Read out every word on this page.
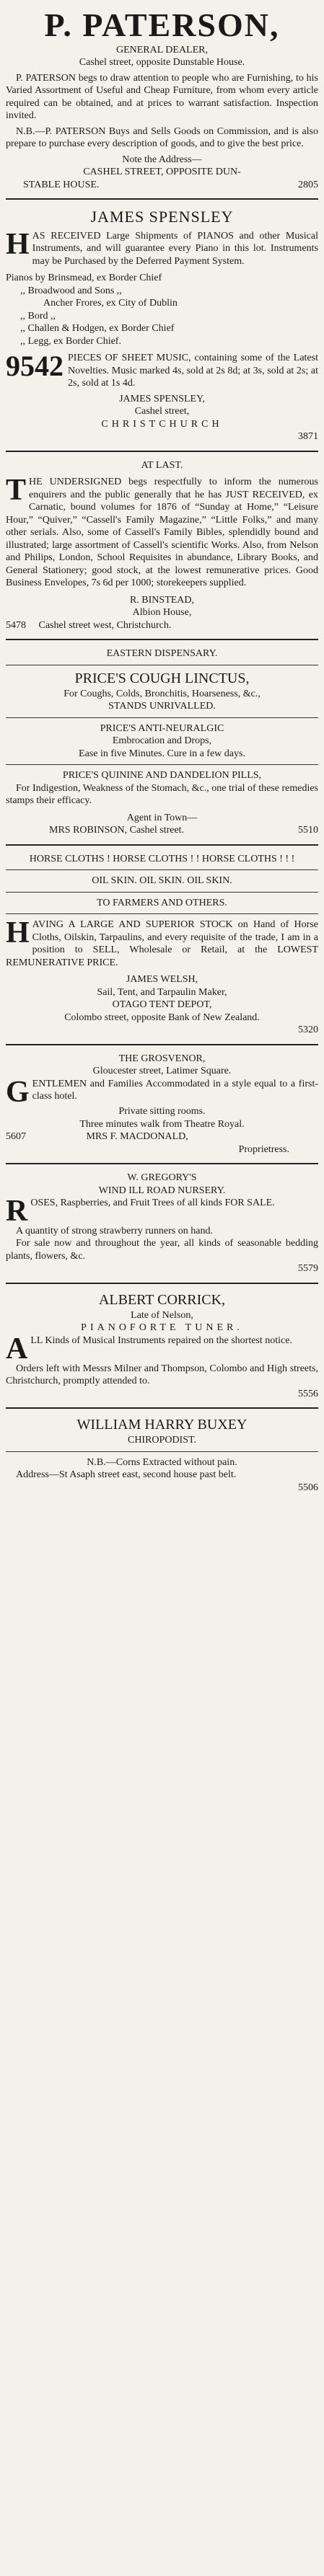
P. PATERSON,

GENERAL DEALER,

Cashel street, opposite Dunstable House.

P. PATERSON begs to draw attention to people who are Furnishing, to his Varied Assortment of Useful and Cheap Furniture, from whom every article required can be obtained, and at prices to warrant satisfaction. Inspection invited.

N.B.—P. PATERSON Buys and Sells Goods on Commission, and is also prepare to purchase every description of goods, and to give the best price.

Note the Address—

CASHEL STREET, OPPOSITE DUN-

STABLE HOUSE.	2805

JAMES SPENSLEY

H AS RECEIVED Large Shipments of PIANOS and other Musical Instruments, and will guarantee every Piano in this lot. Instruments may be Purchased by the Deferred Payment System.

Pianos by Brinsmead, ex Border Chief

,, Broadwood and Sons ,,

Ancher Frores, ex City of Dublin

,, Bord ,,

,, Challen & Hodgen, ex Border Chief

,, Legg, ex Border Chief.

9542 PIECES OF SHEET MUSIC, containing some of the Latest Novelties. Music marked 4s, sold at 2s 8d; at 3s, sold at 2s; at 2s, sold at 1s 4d.

JAMES SPENSLEY,

Cashel street,

CHRISTCHURCH

3871

AT LAST.

T HE UNDERSIGNED begs respectfully to inform the numerous enquirers and the public generally that he has JUST RECEIVED, ex Carnatic, bound volumes for 1876 of “Sunday at Home,” “Leisure Hour,” “Quiver,” “Cassell's Family Magazine,” “Little Folks,” and many other serials. Also, some of Cassell's Family Bibles, splendidly bound and illustrated; large assortment of Cassell's scientific Works. Also, from Nelson and Philips, London, School Requisites in abundance, Library Books, and General Stationery; good stock, at the lowest remunerative prices. Good Business Envelopes, 7s 6d per 1000; storekeepers supplied.

R. BINSTEAD,

Albion House,

5478 Cashel street west, Christchurch.

EASTERN DISPENSARY.

PRICE'S COUGH LINCTUS,

For Coughs, Colds, Bronchitis, Hoarseness, &c.,

STANDS UNRIVALLED.

PRICE'S ANTI-NEURALGIC

Embrocation and Drops,

Ease in five Minutes. Cure in a few days.

PRICE'S QUININE AND DANDELION PILLS,

For Indigestion, Weakness of the Stomach, &c., one trial of these remedies stamps their efficacy.

Agent in Town—

MRS ROBINSON, Cashel street.	5510

HORSE CLOTHS ! HORSE CLOTHS ! ! HORSE CLOTHS ! ! !

OIL SKIN. OIL SKIN. OIL SKIN.

TO FARMERS AND OTHERS.

H AVING A LARGE AND SUPERIOR STOCK on Hand of Horse Cloths, Oilskin, Tarpaulins, and every requisite of the trade, I am in a position to SELL, Wholesale or Retail, at the LOWEST REMUNERATIVE PRICE.

JAMES WELSH,

Sail, Tent, and Tarpaulin Maker,

OTAGO TENT DEPOT,

Colombo street, opposite Bank of New Zealand.

5320

THE GROSVENOR,

Gloucester street, Latimer Square.

G ENTLEMEN and Families Accommodated in a style equal to a first-class hotel.

Private sitting rooms.

Three minutes walk from Theatre Royal.

5607	MRS F. MACDONALD,

Proprietress.

W. GREGORY'S

WIND ILL ROAD NURSERY.

R OSES, Raspberries, and Fruit Trees of all kinds FOR SALE.

A quantity of strong strawberry runners on hand.

For sale now and throughout the year, all kinds of seasonable bedding plants, flowers, &c.

5579

ALBERT CORRICK,

Late of Nelson,

PIANOFORTE TUNER.

A LL Kinds of Musical Instruments repaired on the shortest notice.

Orders left with Messrs Milner and Thompson, Colombo and High streets, Christchurch, promptly attended to.

5556

WILLIAM HARRY BUXEY

CHIROPODIST.

N.B.—Corns Extracted without pain.

Address—St Asaph street east, second house past belt.

5506
